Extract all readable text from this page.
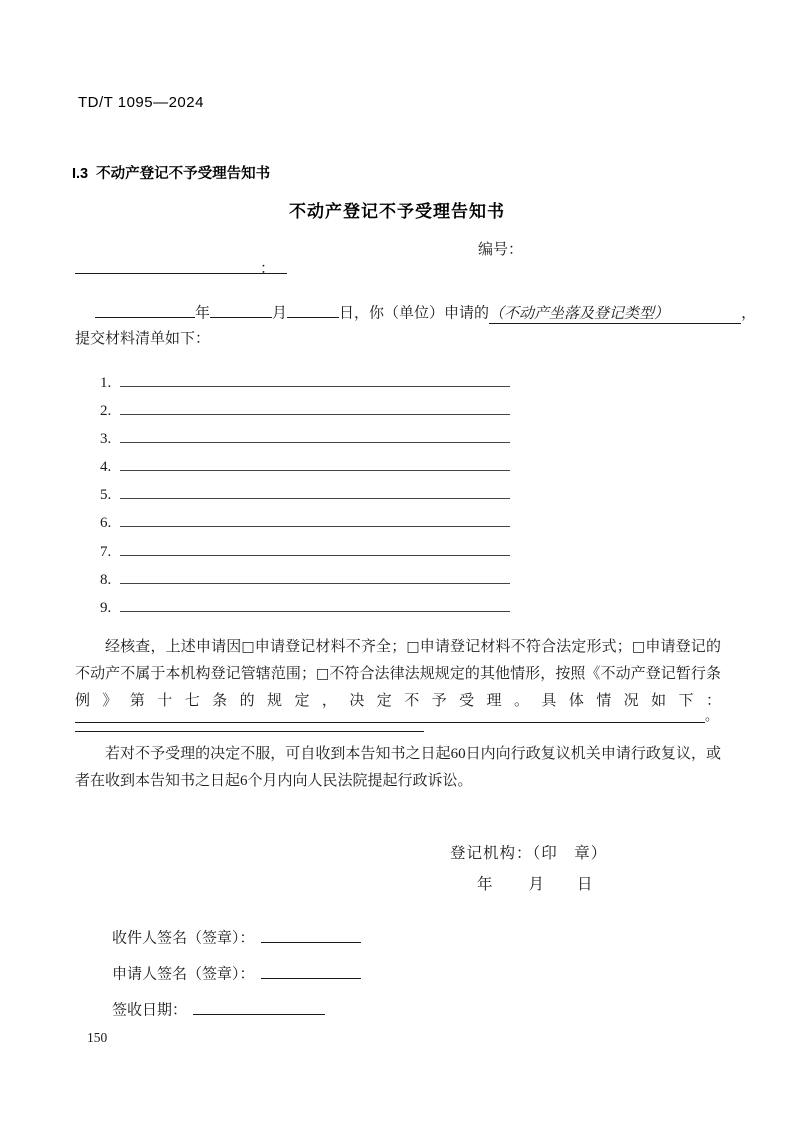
TD/T 1095—2024
I.3  不动产登记不予受理告知书
不动产登记不予受理告知书
编号：
：
年	月	日，你（单位）申请的（不动产坐落及登记类型）	，
提交材料清单如下：
1.
2.
3.
4.
5.
6.
7.
8.
9.
经核查，上述申请因□申请登记材料不齐全；□申请登记材料不符合法定形式；□申请登记的不动产不属于本机构登记管辖范围；□不符合法律法规规定的其他情形，按照《不动产登记暂行条例》第十七条的规定，决定不予受理。具体情况如下：
。
若对不予受理的决定不服，可自收到本告知书之日起60日内向行政复议机关申请行政复议，或者在收到本告知书之日起6个月内向人民法院提起行政诉讼。
登记机构：（印　章）
年 月 日
收件人签名（签章）：
申请人签名（签章）：
签收日期：
150
